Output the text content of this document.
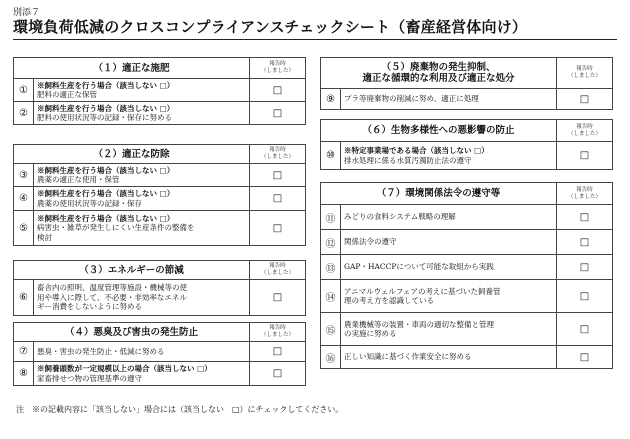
別添７
環境負荷低減のクロスコンプライアンスチェックシート（畜産経営体向け）
（１）適正な施肥		報告時
（しました）
①	※飼料生産を行う場合（該当しない □）
肥料の適正な保管	□
②	※飼料生産を行う場合（該当しない □）
肥料の使用状況等の記録・保存に努める	□
（２）適正な防除		報告時
（しました）
③	※飼料生産を行う場合（該当しない □）
農薬の適正な使用・保管	□
④	※飼料生産を行う場合（該当しない □）
農薬の使用状況等の記録・保存	□
⑤	※飼料生産を行う場合（該当しない □）
病害虫・雑草が発生しにくい生産条件の整備を
検討	□
（３）エネルギーの節減		報告時
（しました）
⑥	畜舎内の照明、温度管理等施設・機械等の使
用や導入に際して、不必要・非効率なエネル
ギー消費をしないように努める	□
（４）悪臭及び害虫の発生防止		報告時
（しました）
⑦	悪臭・害虫の発生防止・低減に努める	□
⑧	※飼養頭数が一定規模以上の場合（該当しない □）
家畜排せつ物の管理基準の遵守	□
（５）廃棄物の発生抑制、
適正な循環的な利用及び適正な処分		報告時
（しました）
⑨	プラ等廃棄物の削減に努め、適正に処理	□
（６）生物多様性への悪影響の防止		報告時
（しました）
⑩	※特定事業場である場合（該当しない □）
排水処理に係る水質汚濁防止法の遵守	□
（７）環境関係法令の遵守等		報告時
（しました）
⑪	みどりの食料システム戦略の理解	□
⑫	関係法令の遵守	□
⑬	GAP・HACCPについて可能な取組から実践	□
⑭	アニマルウェルフェアの考えに基づいた飼養管
理の考え方を認識している	□
⑮	農業機械等の装置・車両の適切な整備と管理
の実施に努める	□
⑯	正しい知識に基づく作業安全に努める	□
注　※の記載内容に「該当しない」場合には（該当しない　□）にチェックしてください。
